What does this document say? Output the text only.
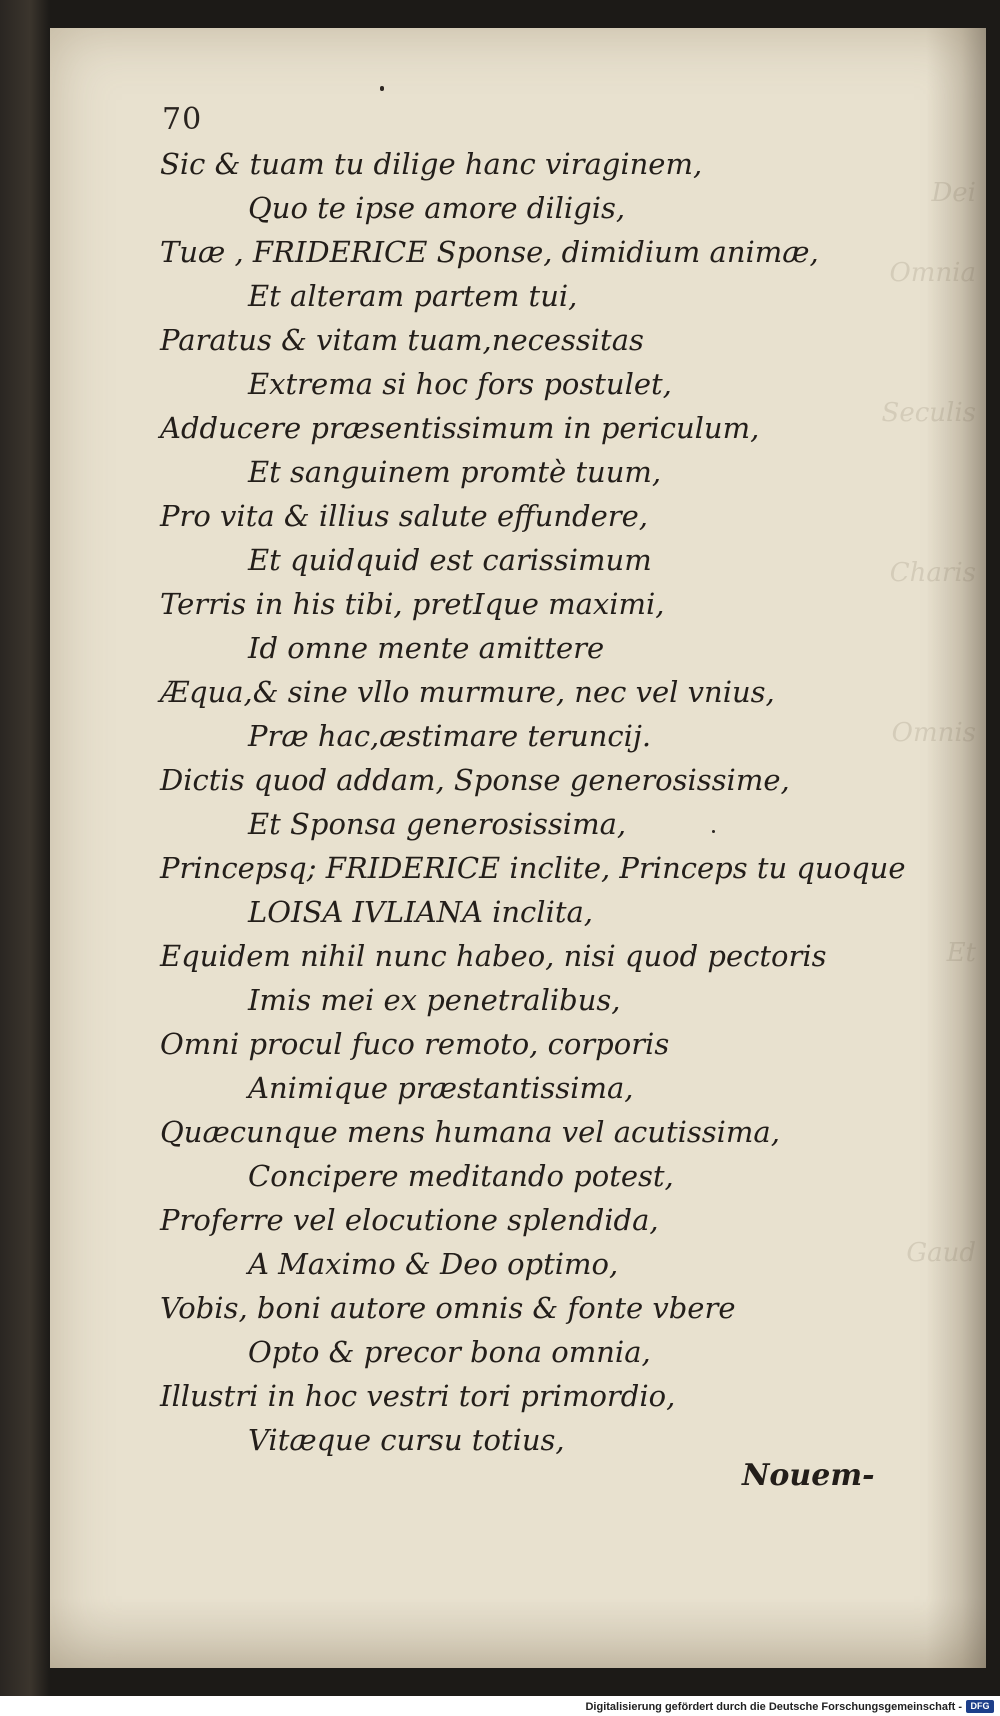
Dei
Omnia
Seculis
Charis
Omnis
Et
Gaud
70
Sic & tuam tu dilige hanc viraginem,
Quo te ipse amore diligis,
Tuæ , FRIDERICE Sponse, dimidium animæ,
Et alteram partem tui,
Paratus & vitam tuam,necessitas
Extrema si hoc fors postulet,
Adducere præsentissimum in periculum,
Et sanguinem promtè tuum,
Pro vita & illius salute effundere,
Et quidquid est carissimum
Terris in his tibi, pretIque maximi,
Id omne mente amittere
Æqua,& sine vllo murmure, nec vel vnius,
Præ hac,æstimare teruncij.
Dictis quod addam, Sponse generosissime,
Et Sponsa generosissima,
Princepsq; FRIDERICE inclite, Princeps tu quoque
LOISA IVLIANA inclita,
Equidem nihil nunc habeo, nisi quod pectoris
Imis mei ex penetralibus,
Omni procul fuco remoto, corporis
Animique præstantissima,
Quæcunque mens humana vel acutissima,
Concipere meditando potest,
Proferre vel elocutione splendida,
A Maximo & Deo optimo,
Vobis, boni autore omnis & fonte vbere
Opto & precor bona omnia,
Illustri in hoc vestri tori primordio,
Vitæque cursu totius,
Nouem-
Digitalisierung gefördert durch die Deutsche Forschungsgemeinschaft - DFG
